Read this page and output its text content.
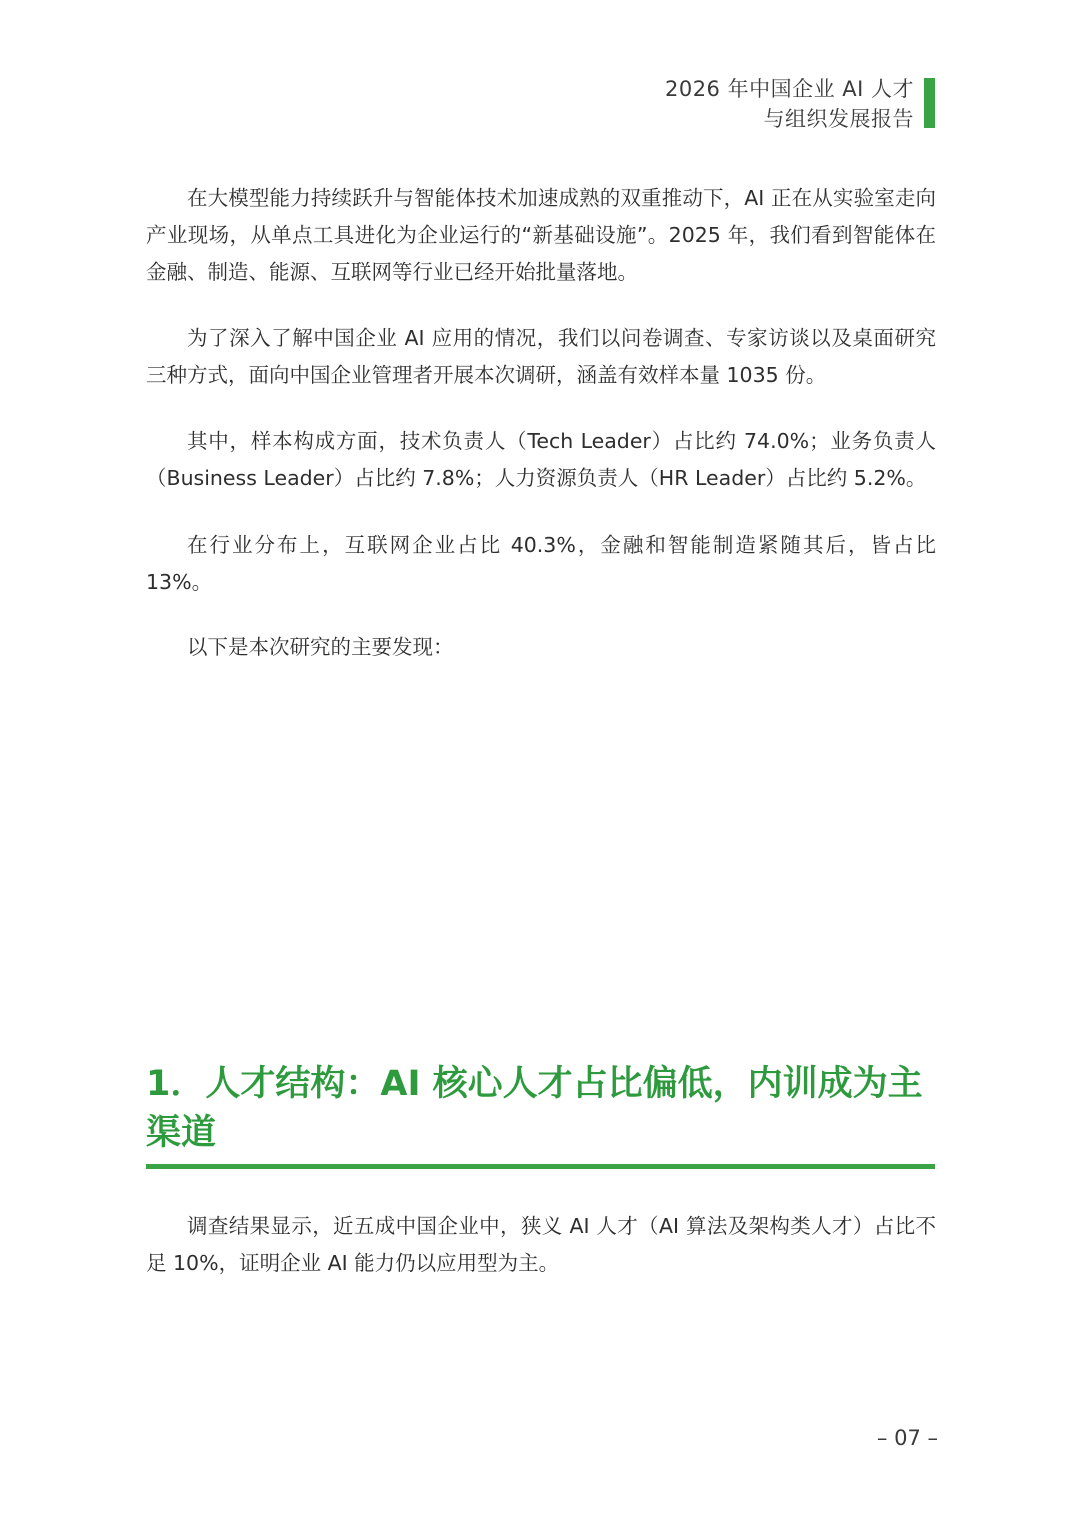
2026 年中国企业 AI 人才
与组织发展报告

在大模型能力持续跃升与智能体技术加速成熟的双重推动下，AI 正在从实验室走向产业现场，从单点工具进化为企业运行的“新基础设施”。2025 年，我们看到智能体在金融、制造、能源、互联网等行业已经开始批量落地。

为了深入了解中国企业 AI 应用的情况，我们以问卷调查、专家访谈以及桌面研究三种方式，面向中国企业管理者开展本次调研，涵盖有效样本量 1035 份。

其中，样本构成方面，技术负责人（Tech Leader）占比约 74.0%；业务负责人（Business Leader）占比约 7.8%；人力资源负责人（HR Leader）占比约 5.2%。

在行业分布上，互联网企业占比 40.3%，金融和智能制造紧随其后，皆占比 13%。

以下是本次研究的主要发现：

1．人才结构：AI 核心人才占比偏低，内训成为主渠道

调查结果显示，近五成中国企业中，狭义 AI 人才（AI 算法及架构类人才）占比不足 10%，证明企业 AI 能力仍以应用型为主。

– 07 –
